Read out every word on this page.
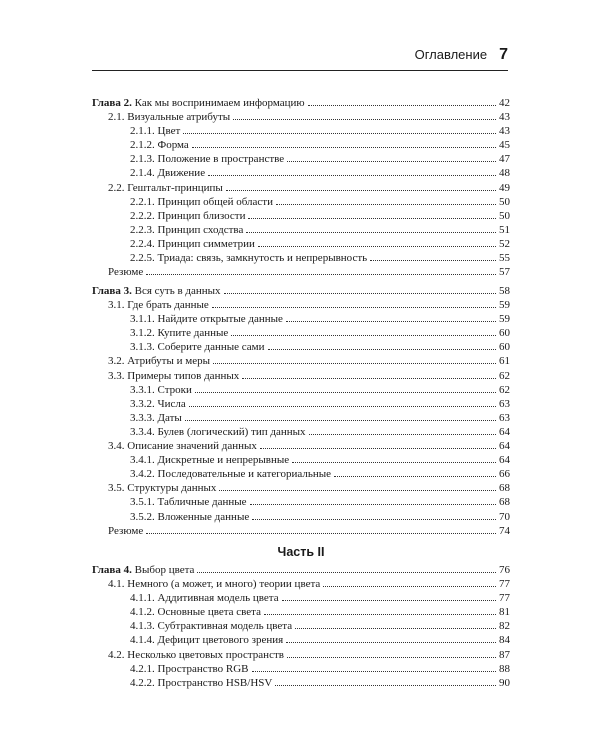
Оглавление 7
Глава 2. Как мы воспринимаем информацию	42
2.1. Визуальные атрибуты	43
2.1.1. Цвет	43
2.1.2. Форма	45
2.1.3. Положение в пространстве	47
2.1.4. Движение	48
2.2. Гештальт-принципы	49
2.2.1. Принцип общей области	50
2.2.2. Принцип близости	50
2.2.3. Принцип сходства	51
2.2.4. Принцип симметрии	52
2.2.5. Триада: связь, замкнутость и непрерывность	55
Резюме	57
Глава 3. Вся суть в данных	58
3.1. Где брать данные	59
3.1.1. Найдите открытые данные	59
3.1.2. Купите данные	60
3.1.3. Соберите данные сами	60
3.2. Атрибуты и меры	61
3.3. Примеры типов данных	62
3.3.1. Строки	62
3.3.2. Числа	63
3.3.3. Даты	63
3.3.4. Булев (логический) тип данных	64
3.4. Описание значений данных	64
3.4.1. Дискретные и непрерывные	64
3.4.2. Последовательные и категориальные	66
3.5. Структуры данных	68
3.5.1. Табличные данные	68
3.5.2. Вложенные данные	70
Резюме	74
Часть II
Глава 4. Выбор цвета	76
4.1. Немного (а может, и много) теории цвета	77
4.1.1. Аддитивная модель цвета	77
4.1.2. Основные цвета света	81
4.1.3. Субтрактивная модель цвета	82
4.1.4. Дефицит цветового зрения	84
4.2. Несколько цветовых пространств	87
4.2.1. Пространство RGB	88
4.2.2. Пространство HSB/HSV	90
